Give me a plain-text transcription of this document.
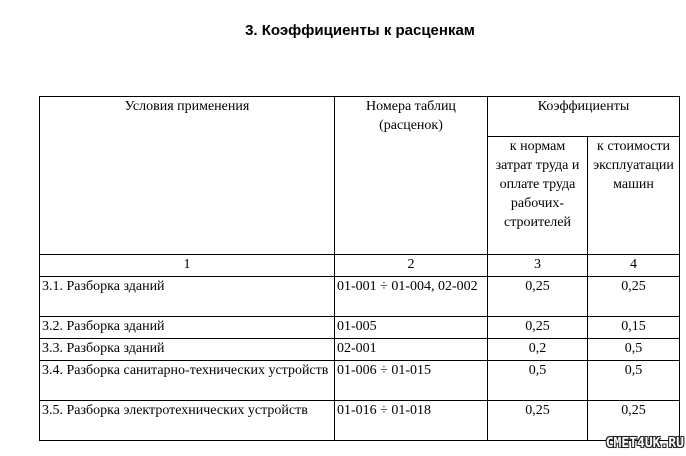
3. Коэффициенты к расценкам
Условия применения	Номера таблиц (расценок)	Коэффициенты	
		к нормам затрат труда и оплате труда рабочих-строителей	к стоимости эксплуатации машин
1	2	3	4
3.1. Разборка зданий	01-001 ÷ 01-004, 02-002	0,25	0,25
3.2. Разборка зданий	01-005	0,25	0,15
3.3. Разборка зданий	02-001	0,2	0,5
3.4. Разборка санитарно-технических устройств	01-006 ÷ 01-015	0,5	0,5
3.5. Разборка электротехнических устройств	01-016 ÷ 01-018	0,25	0,25
СМЕТ4UK.RU
